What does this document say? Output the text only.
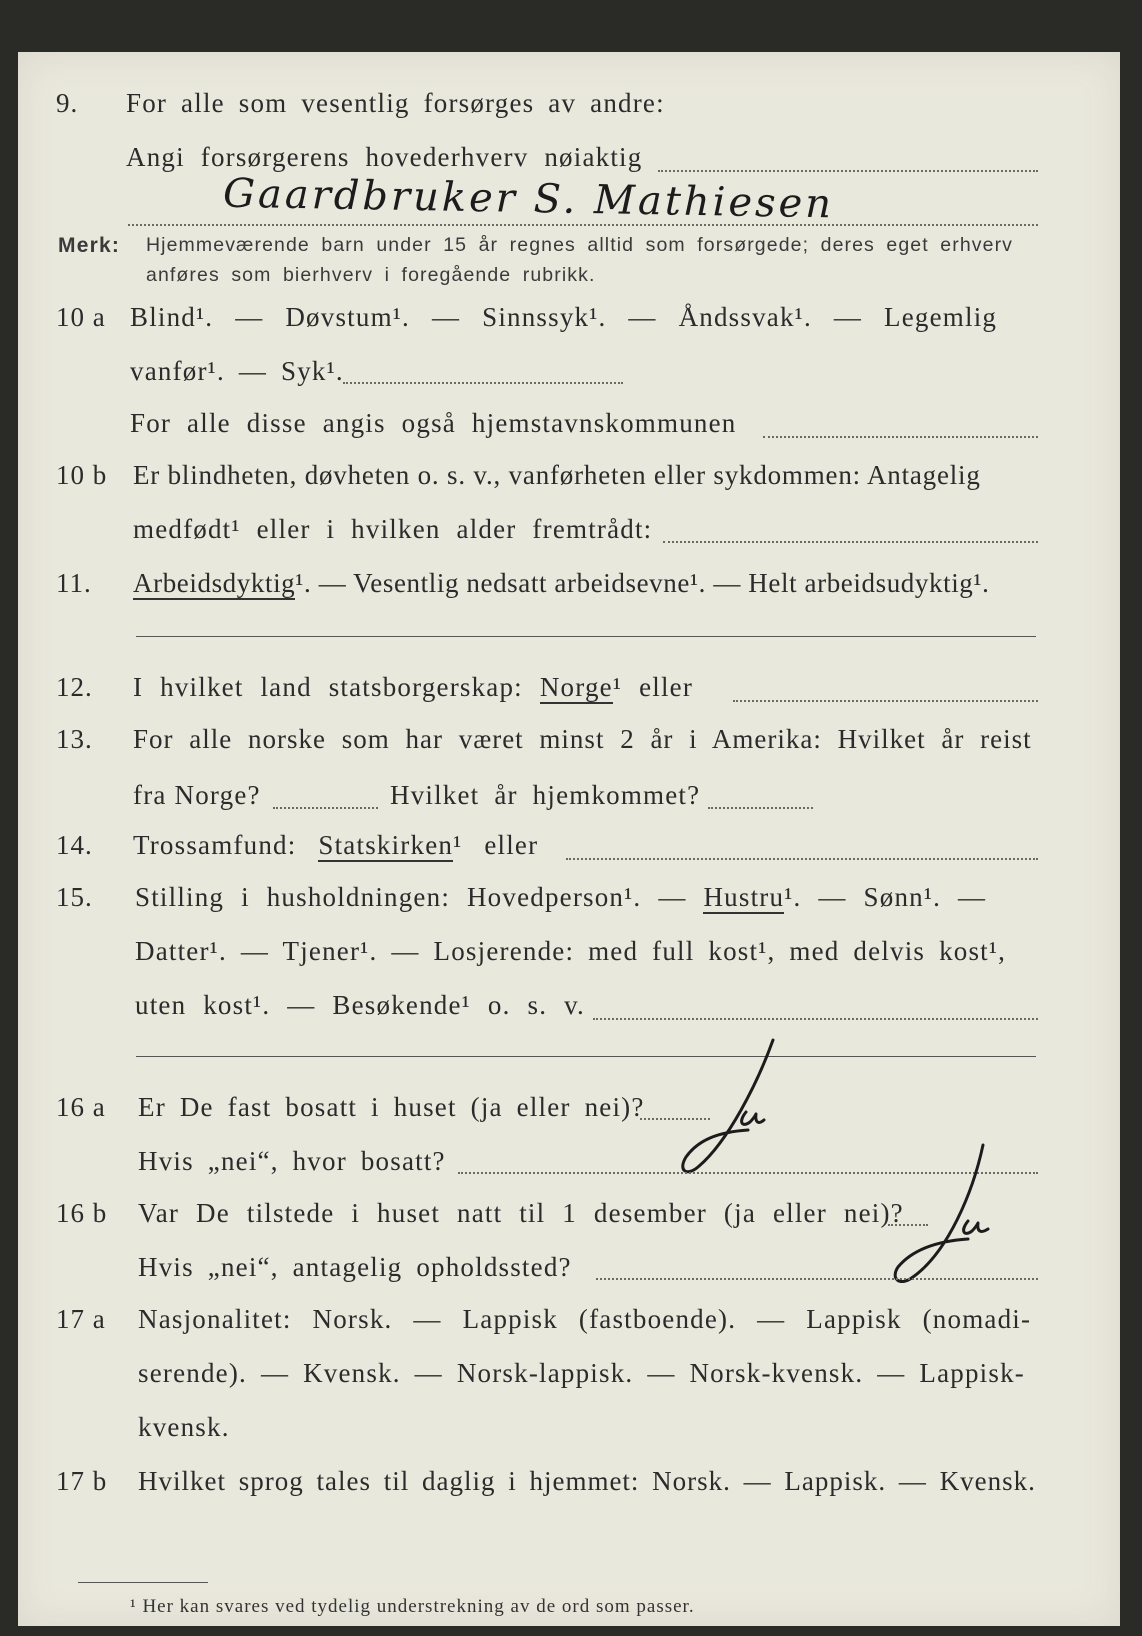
9.	For alle som vesentlig forsørges av andre:
Angi forsørgerens hovederhverv nøiaktig
Gaardbruker S. Mathiesen
Merk: Hjemmeværende barn under 15 år regnes alltid som forsørgede; deres eget erhverv
anføres som bierhverv i foregående rubrikk.
10 a Blind¹. — Døvstum¹. — Sinnssyk¹. — Åndssvak¹. — Legemlig
vanfør¹. — Syk¹.
For alle disse angis også hjemstavnskommunen
10 b Er blindheten, døvheten o. s. v., vanførheten eller sykdommen: Antagelig
medfødt¹ eller i hvilken alder fremtrådt:
11.	Arbeidsdyktig¹. — Vesentlig nedsatt arbeidsevne¹. — Helt arbeidsudyktig¹.
12.	I hvilket land statsborgerskap: Norge¹ eller
13.	For alle norske som har været minst 2 år i Amerika: Hvilket år reist
fra Norge?	Hvilket år hjemkommet?
14.	Trossamfund: Statskirken¹ eller
15.	Stilling i husholdningen: Hovedperson¹. — Hustru¹. — Sønn¹. —
Datter¹. — Tjener¹. — Losjerende: med full kost¹, med delvis kost¹,
uten kost¹. — Besøkende¹ o. s. v.
16 a	Er De fast bosatt i huset (ja eller nei)?
Hvis „nei“, hvor bosatt?
16 b	Var De tilstede i huset natt til 1 desember (ja eller nei)?
Hvis „nei“, antagelig opholdssted?
17 a	Nasjonalitet: Norsk. — Lappisk (fastboende). — Lappisk (nomadi-
serende). — Kvensk. — Norsk-lappisk. — Norsk-kvensk. — Lappisk-
kvensk.
17 b	Hvilket sprog tales til daglig i hjemmet: Norsk. — Lappisk. — Kvensk.
¹ Her kan svares ved tydelig understrekning av de ord som passer.
